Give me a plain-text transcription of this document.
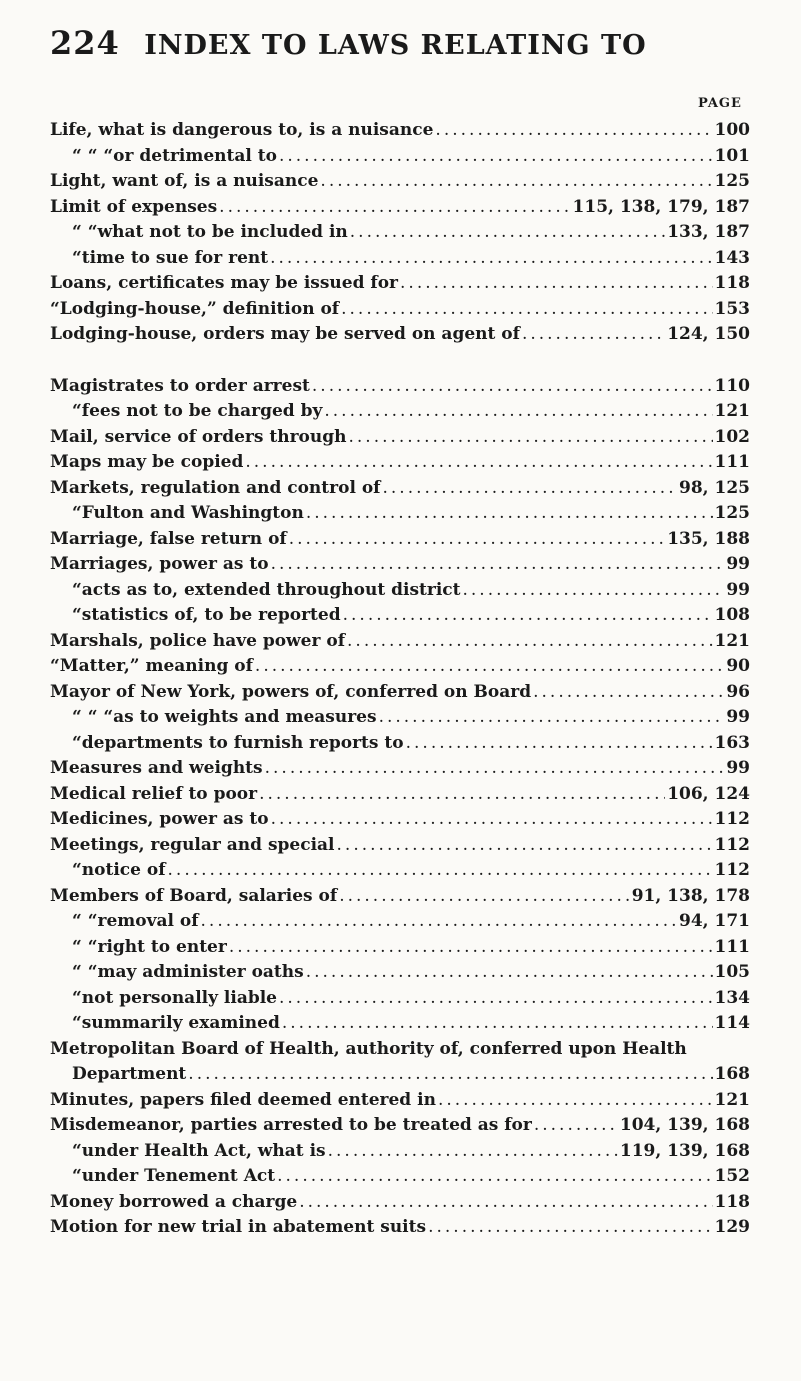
224 INDEX TO LAWS RELATING TO
PAGE
Life, what is dangerous to, is a nuisance .....	100
“ “ “ or detrimental to .....	101
Light, want of, is a nuisance .....	125
Limit of expenses .....	115, 138, 179, 187
“ “ what not to be included in .....	133, 187
“ time to sue for rent .....	143
Loans, certificates may be issued for .....	118
“Lodging-house,” definition of .....	153
Lodging-house, orders may be served on agent of .....	124, 150
Magistrates to order arrest .....	110
“ fees not to be charged by .....	121
Mail, service of orders through .....	102
Maps may be copied .....	111
Markets, regulation and control of .....	98, 125
“ Fulton and Washington .....	125
Marriage, false return of .....	135, 188
Marriages, power as to .....	99
“ acts as to, extended throughout district .....	99
“ statistics of, to be reported .....	108
Marshals, police have power of .....	121
“Matter,” meaning of .....	90
Mayor of New York, powers of, conferred on Board .....	96
“ “ “ as to weights and measures .....	99
“ departments to furnish reports to .....	163
Measures and weights .....	99
Medical relief to poor .....	106, 124
Medicines, power as to .....	112
Meetings, regular and special .....	112
“ notice of .....	112
Members of Board, salaries of .....	91, 138, 178
“ “ removal of .....	94, 171
“ “ right to enter .....	111
“ “ may administer oaths .....	105
“ not personally liable .....	134
“ summarily examined .....	114
Metropolitan Board of Health, authority of, conferred upon Health
Department .....	168
Minutes, papers filed deemed entered in .....	121
Misdemeanor, parties arrested to be treated as for .....	104, 139, 168
“ under Health Act, what is .....	119, 139, 168
“ under Tenement Act .....	152
Money borrowed a charge .....	118
Motion for new trial in abatement suits .....	129
